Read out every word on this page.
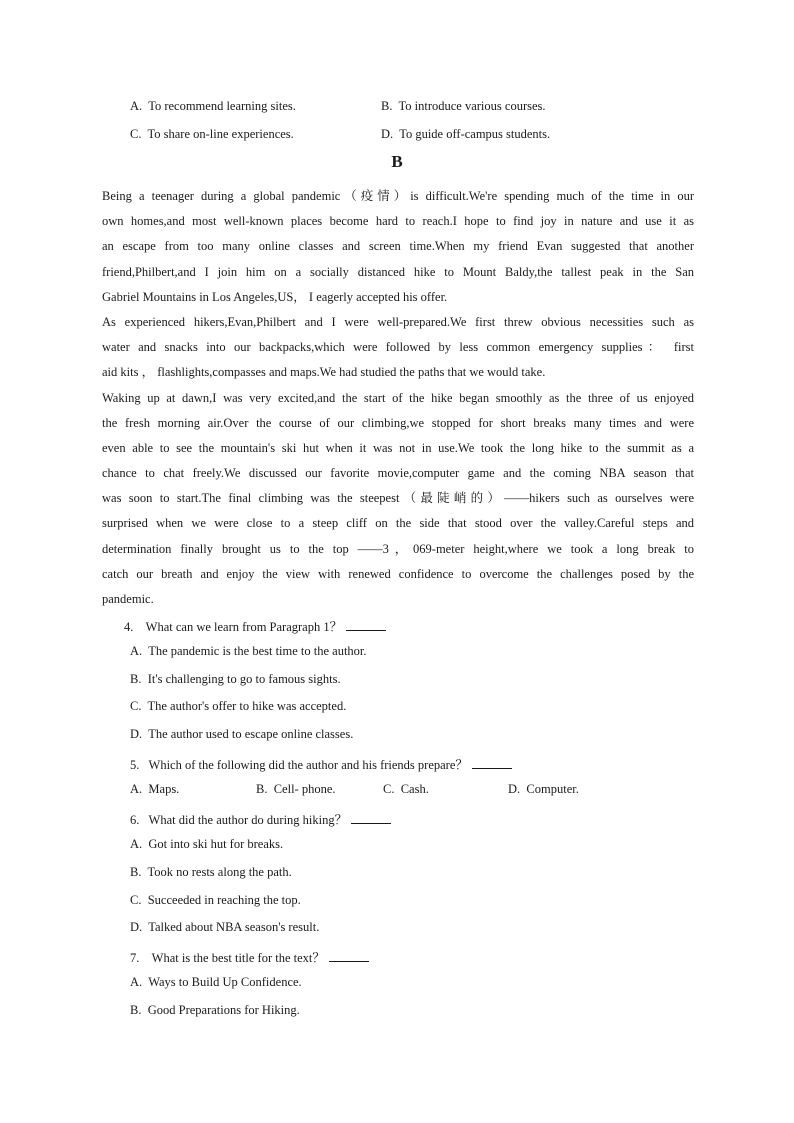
A. To recommend learning sites.	B. To introduce various courses.
C. To share on-line experiences.	D. To guide off-campus students.
B
Being a teenager during a global pandemic（疫情）is difficult.We're spending much of the time in our
own homes,and most well-known places become hard to reach.I hope to find joy in nature and use it as
an escape from too many online classes and screen time.When my friend Evan suggested that another
friend,Philbert,and I join him on a socially distanced hike to Mount Baldy,the tallest peak in the San
Gabriel Mountains in Los Angeles,US， I eagerly accepted his offer.
As experienced hikers,Evan,Philbert and I were well-prepared.We first threw obvious necessities such as
water and snacks into our backpacks,which were followed by less common emergency supplies： first
aid kits ， flashlights,compasses and maps.We had studied the paths that we would take.
Waking up at dawn,I was very excited,and the start of the hike began smoothly as the three of us enjoyed
the fresh morning air.Over the course of our climbing,we stopped for short breaks many times and were
even able to see the mountain's ski hut when it was not in use.We took the long hike to the summit as a
chance to chat freely.We discussed our favorite movie,computer game and the coming NBA season that
was soon to start.The final climbing was the steepest（最陡峭的）——hikers such as ourselves were
surprised when we were close to a steep cliff on the side that stood over the valley.Careful steps and
determination finally brought us to the top ——3，069-meter height,where we took a long break to
catch our breath and enjoy the view with renewed confidence to overcome the challenges posed by the
pandemic.
4. What can we learn from Paragraph 1？
A. The pandemic is the best time to the author.
B. It's challenging to go to famous sights.
C. The author's offer to hike was accepted.
D. The author used to escape online classes.
5. Which of the following did the author and his friends prepare？
A. Maps.	B. Cell- phone.	C. Cash.	D. Computer.
6. What did the author do during hiking？
A. Got into ski hut for breaks.
B. Took no rests along the path.
C. Succeeded in reaching the top.
D. Talked about NBA season's result.
7. What is the best title for the text？
A. Ways to Build Up Confidence.
B. Good Preparations for Hiking.
